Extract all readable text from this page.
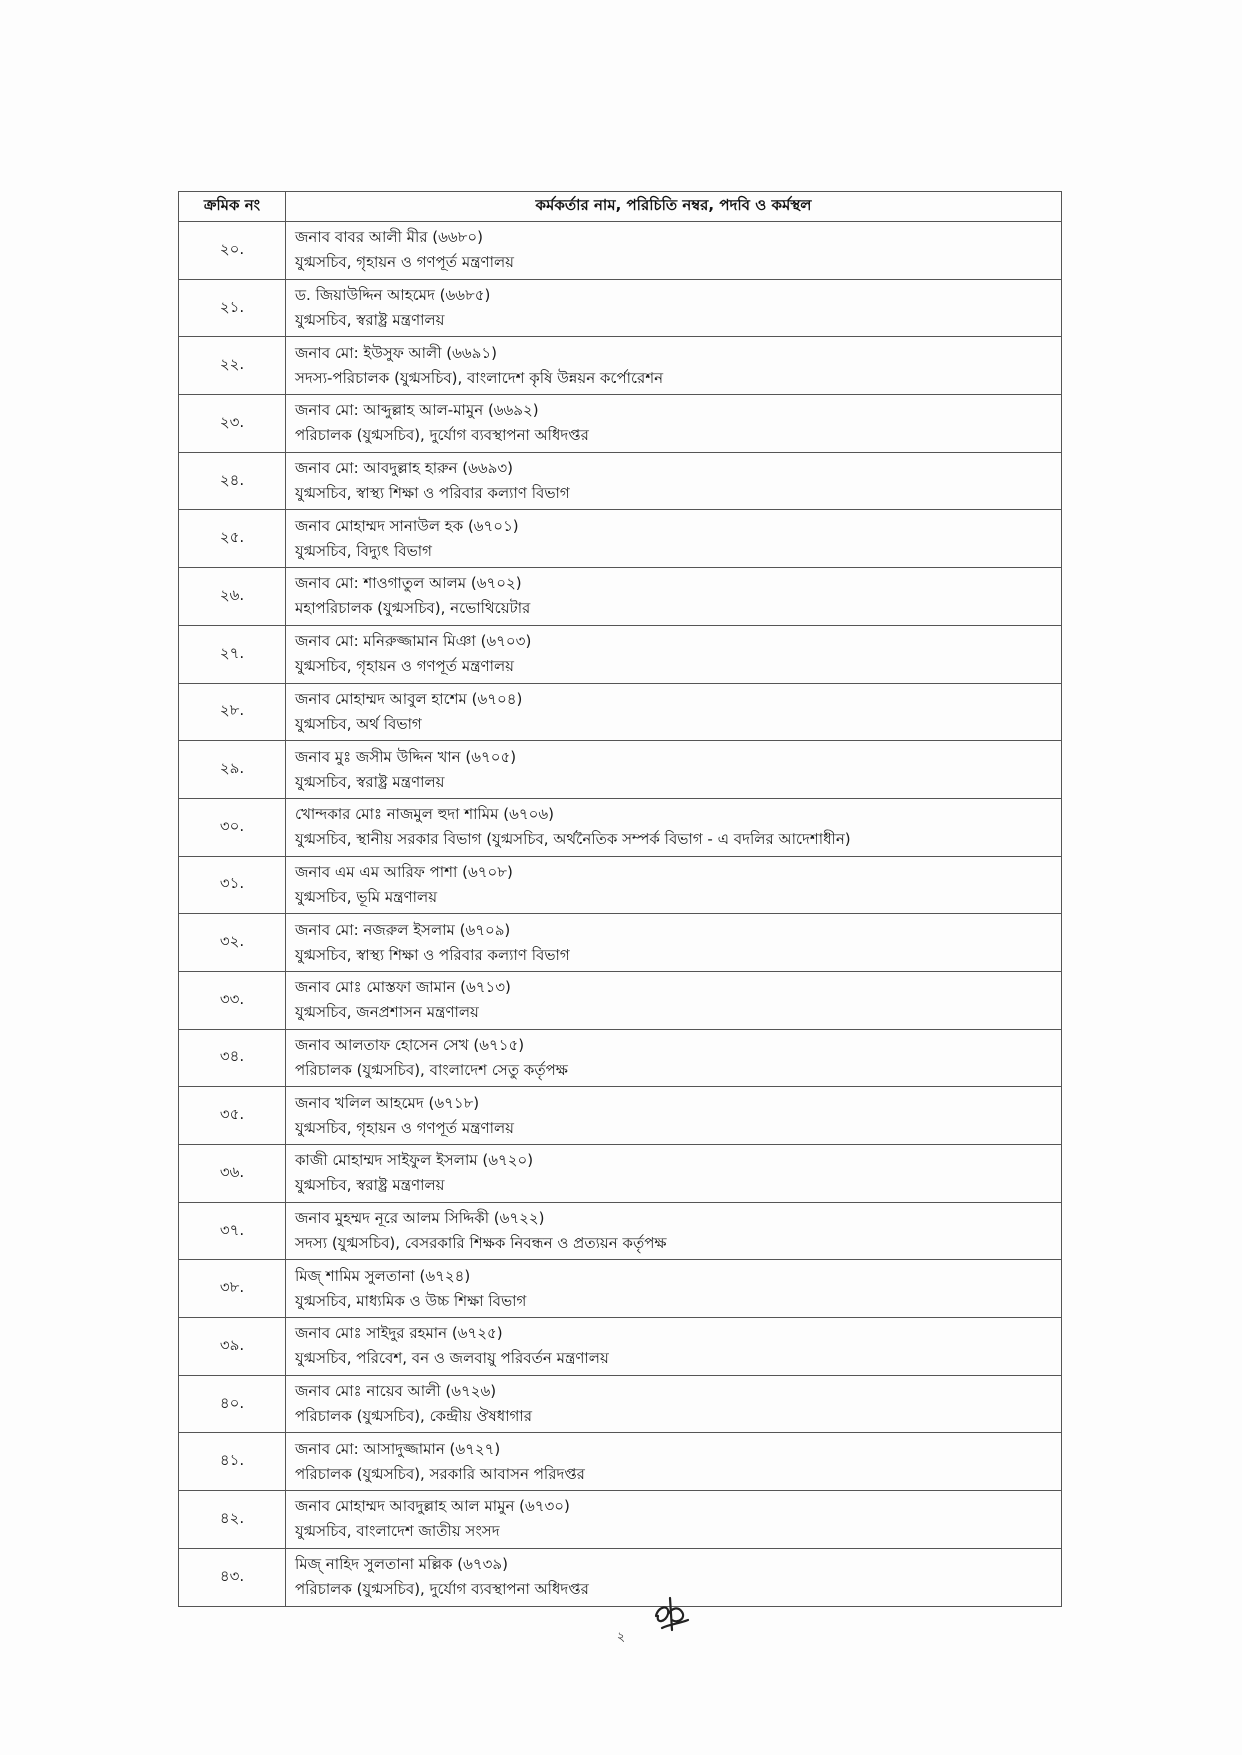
ক্রমিক নং	কর্মকর্তার নাম, পরিচিতি নম্বর, পদবি ও কর্মস্থল
২০.	জনাব বাবর আলী মীর (৬৬৮০)
যুগ্মসচিব, গৃহায়ন ও গণপূর্ত মন্ত্রণালয়

২১.	ড. জিয়াউদ্দিন আহমেদ (৬৬৮৫)
যুগ্মসচিব, স্বরাষ্ট্র মন্ত্রণালয়

২২.	জনাব মো: ইউসুফ আলী (৬৬৯১)
সদস্য-পরিচালক (যুগ্মসচিব), বাংলাদেশ কৃষি উন্নয়ন কর্পোরেশন

২৩.	জনাব মো: আব্দুল্লাহ আল-মামুন (৬৬৯২)
পরিচালক (যুগ্মসচিব), দুর্যোগ ব্যবস্থাপনা অধিদপ্তর

২৪.	জনাব মো: আবদুল্লাহ হারুন (৬৬৯৩)
যুগ্মসচিব, স্বাস্থ্য শিক্ষা ও পরিবার কল্যাণ বিভাগ

২৫.	জনাব মোহাম্মদ সানাউল হক (৬৭০১)
যুগ্মসচিব, বিদ্যুৎ বিভাগ

২৬.	জনাব মো: শাওগাতুল আলম (৬৭০২)
মহাপরিচালক (যুগ্মসচিব), নভোথিয়েটার

২৭.	জনাব মো: মনিরুজ্জামান মিঞা (৬৭০৩)
যুগ্মসচিব, গৃহায়ন ও গণপূর্ত মন্ত্রণালয়

২৮.	জনাব মোহাম্মদ আবুল হাশেম (৬৭০৪)
যুগ্মসচিব, অর্থ বিভাগ

২৯.	জনাব মুঃ জসীম উদ্দিন খান (৬৭০৫)
যুগ্মসচিব, স্বরাষ্ট্র মন্ত্রণালয়

৩০.	খোন্দকার মোঃ নাজমুল হুদা শামিম (৬৭০৬)
যুগ্মসচিব, স্থানীয় সরকার বিভাগ (যুগ্মসচিব, অর্থনৈতিক সম্পর্ক বিভাগ - এ বদলির আদেশাধীন)

৩১.	জনাব এম এম আরিফ পাশা (৬৭০৮)
যুগ্মসচিব, ভূমি মন্ত্রণালয়

৩২.	জনাব মো: নজরুল ইসলাম (৬৭০৯)
যুগ্মসচিব, স্বাস্থ্য শিক্ষা ও পরিবার কল্যাণ বিভাগ

৩৩.	জনাব মোঃ মোস্তফা জামান (৬৭১৩)
যুগ্মসচিব, জনপ্রশাসন মন্ত্রণালয়

৩৪.	জনাব আলতাফ হোসেন সেখ (৬৭১৫)
পরিচালক (যুগ্মসচিব), বাংলাদেশ সেতু কর্তৃপক্ষ

৩৫.	জনাব খলিল আহমেদ (৬৭১৮)
যুগ্মসচিব, গৃহায়ন ও গণপূর্ত মন্ত্রণালয়

৩৬.	কাজী মোহাম্মদ সাইফুল ইসলাম (৬৭২০)
যুগ্মসচিব, স্বরাষ্ট্র মন্ত্রণালয়

৩৭.	জনাব মুহম্মদ নূরে আলম সিদ্দিকী (৬৭২২)
সদস্য (যুগ্মসচিব), বেসরকারি শিক্ষক নিবন্ধন ও প্রত্যয়ন কর্তৃপক্ষ

৩৮.	মিজ্ শামিম সুলতানা (৬৭২৪)
যুগ্মসচিব, মাধ্যমিক ও উচ্চ শিক্ষা বিভাগ

৩৯.	জনাব মোঃ সাইদুর রহমান (৬৭২৫)
যুগ্মসচিব, পরিবেশ, বন ও জলবায়ু পরিবর্তন মন্ত্রণালয়

৪০.	জনাব মোঃ নায়েব আলী (৬৭২৬)
পরিচালক (যুগ্মসচিব), কেন্দ্রীয় ঔষধাগার

৪১.	জনাব মো: আসাদুজ্জামান (৬৭২৭)
পরিচালক (যুগ্মসচিব), সরকারি আবাসন পরিদপ্তর

৪২.	জনাব মোহাম্মদ আবদুল্লাহ আল মামুন (৬৭৩০)
যুগ্মসচিব, বাংলাদেশ জাতীয় সংসদ

৪৩.	মিজ্ নাহিদ সুলতানা মল্লিক (৬৭৩৯)
পরিচালক (যুগ্মসচিব), দুর্যোগ ব্যবস্থাপনা অধিদপ্তর
২
